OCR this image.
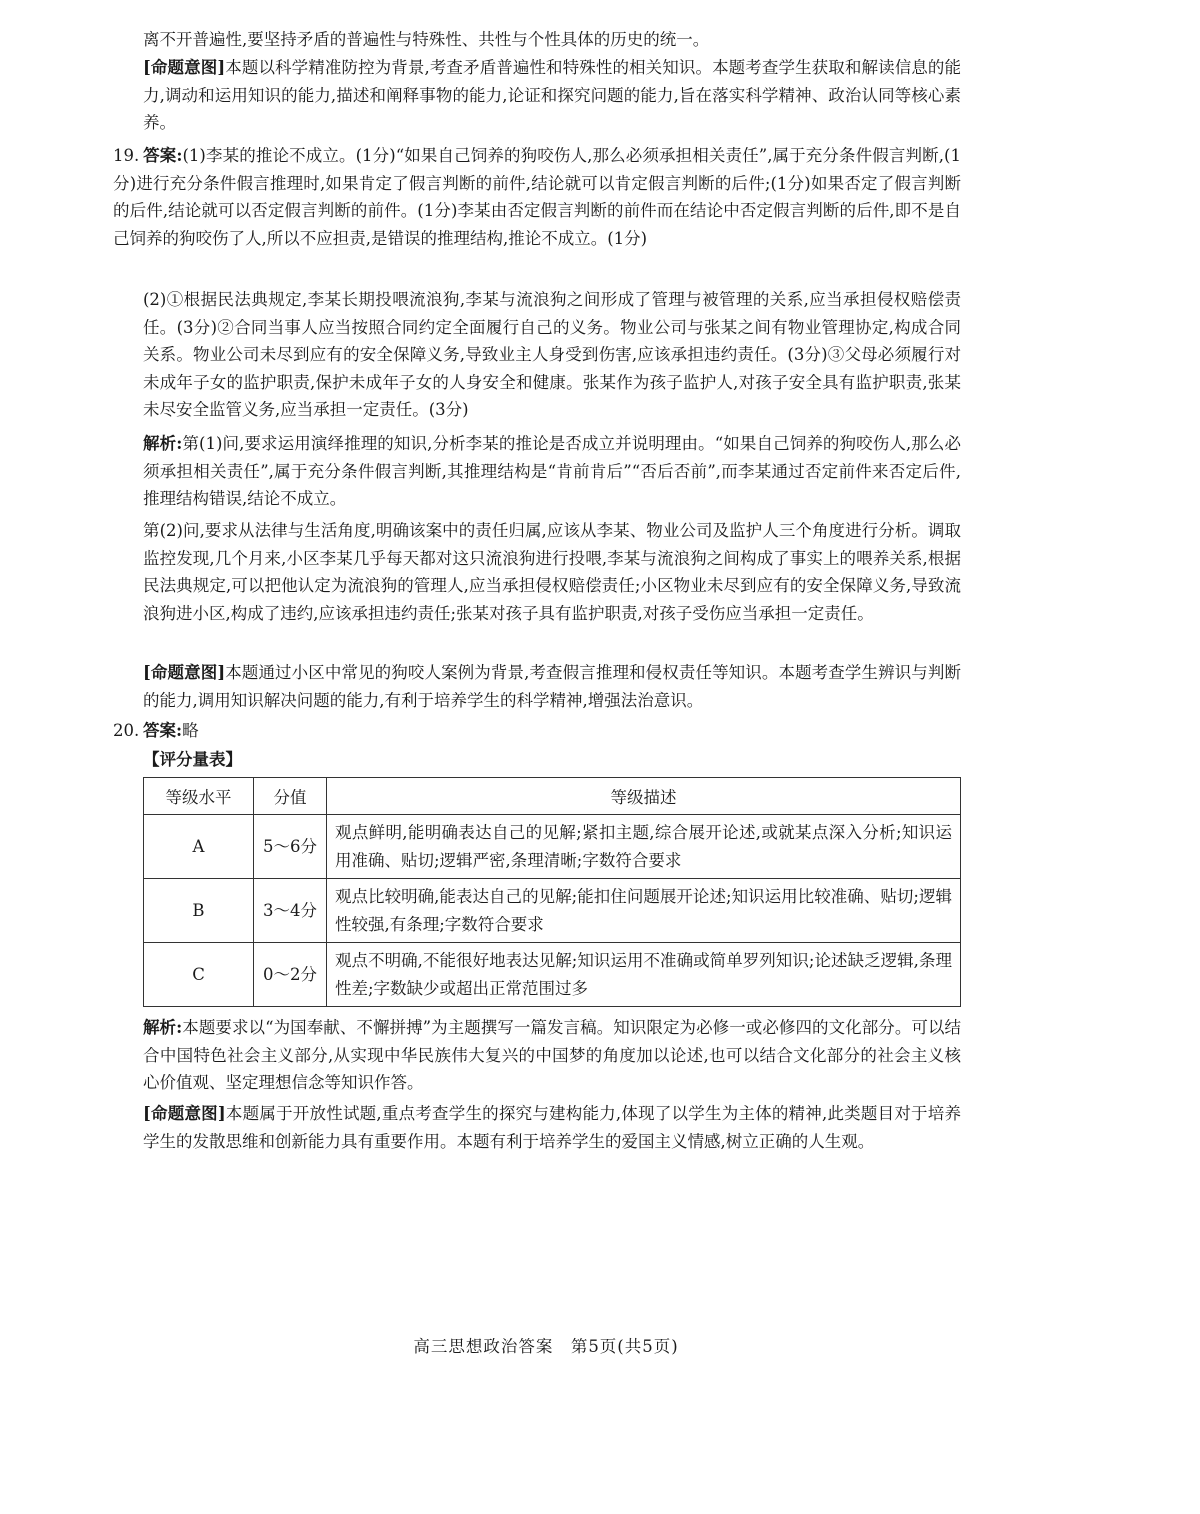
离不开普遍性,要坚持矛盾的普遍性与特殊性、共性与个性具体的历史的统一。

[命题意图]本题以科学精准防控为背景,考查矛盾普遍性和特殊性的相关知识。本题考查学生获取和解读信息的能力,调动和运用知识的能力,描述和阐释事物的能力,论证和探究问题的能力,旨在落实科学精神、政治认同等核心素养。

19. 答案:(1)李某的推论不成立。(1分)“如果自己饲养的狗咬伤人,那么必须承担相关责任”,属于充分条件假言判断,(1分)进行充分条件假言推理时,如果肯定了假言判断的前件,结论就可以肯定假言判断的后件;(1分)如果否定了假言判断的后件,结论就可以否定假言判断的前件。(1分)李某由否定假言判断的前件而在结论中否定假言判断的后件,即不是自己饲养的狗咬伤了人,所以不应担责,是错误的推理结构,推论不成立。(1分)

(2)①根据民法典规定,李某长期投喂流浪狗,李某与流浪狗之间形成了管理与被管理的关系,应当承担侵权赔偿责任。(3分)②合同当事人应当按照合同约定全面履行自己的义务。物业公司与张某之间有物业管理协定,构成合同关系。物业公司未尽到应有的安全保障义务,导致业主人身受到伤害,应该承担违约责任。(3分)③父母必须履行对未成年子女的监护职责,保护未成年子女的人身安全和健康。张某作为孩子监护人,对孩子安全具有监护职责,张某未尽安全监管义务,应当承担一定责任。(3分)

解析:第(1)问,要求运用演绎推理的知识,分析李某的推论是否成立并说明理由。“如果自己饲养的狗咬伤人,那么必须承担相关责任”,属于充分条件假言判断,其推理结构是“肯前肯后”“否后否前”,而李某通过否定前件来否定后件,推理结构错误,结论不成立。

第(2)问,要求从法律与生活角度,明确该案中的责任归属,应该从李某、物业公司及监护人三个角度进行分析。调取监控发现,几个月来,小区李某几乎每天都对这只流浪狗进行投喂,李某与流浪狗之间构成了事实上的喂养关系,根据民法典规定,可以把他认定为流浪狗的管理人,应当承担侵权赔偿责任;小区物业未尽到应有的安全保障义务,导致流浪狗进小区,构成了违约,应该承担违约责任;张某对孩子具有监护职责,对孩子受伤应当承担一定责任。

[命题意图]本题通过小区中常见的狗咬人案例为背景,考查假言推理和侵权责任等知识。本题考查学生辨识与判断的能力,调用知识解决问题的能力,有利于培养学生的科学精神,增强法治意识。

20. 答案:略

【评分量表】

等级水平	分值	等级描述
A	5～6分	观点鲜明,能明确表达自己的见解;紧扣主题,综合展开论述,或就某点深入分析;知识运用准确、贴切;逻辑严密,条理清晰;字数符合要求
B	3～4分	观点比较明确,能表达自己的见解;能扣住问题展开论述;知识运用比较准确、贴切;逻辑性较强,有条理;字数符合要求
C	0～2分	观点不明确,不能很好地表达见解;知识运用不准确或简单罗列知识;论述缺乏逻辑,条理性差;字数缺少或超出正常范围过多

解析:本题要求以“为国奉献、不懈拼搏”为主题撰写一篇发言稿。知识限定为必修一或必修四的文化部分。可以结合中国特色社会主义部分,从实现中华民族伟大复兴的中国梦的角度加以论述,也可以结合文化部分的社会主义核心价值观、坚定理想信念等知识作答。

[命题意图]本题属于开放性试题,重点考查学生的探究与建构能力,体现了以学生为主体的精神,此类题目对于培养学生的发散思维和创新能力具有重要作用。本题有利于培养学生的爱国主义情感,树立正确的人生观。

高三思想政治答案　第5页(共5页)
